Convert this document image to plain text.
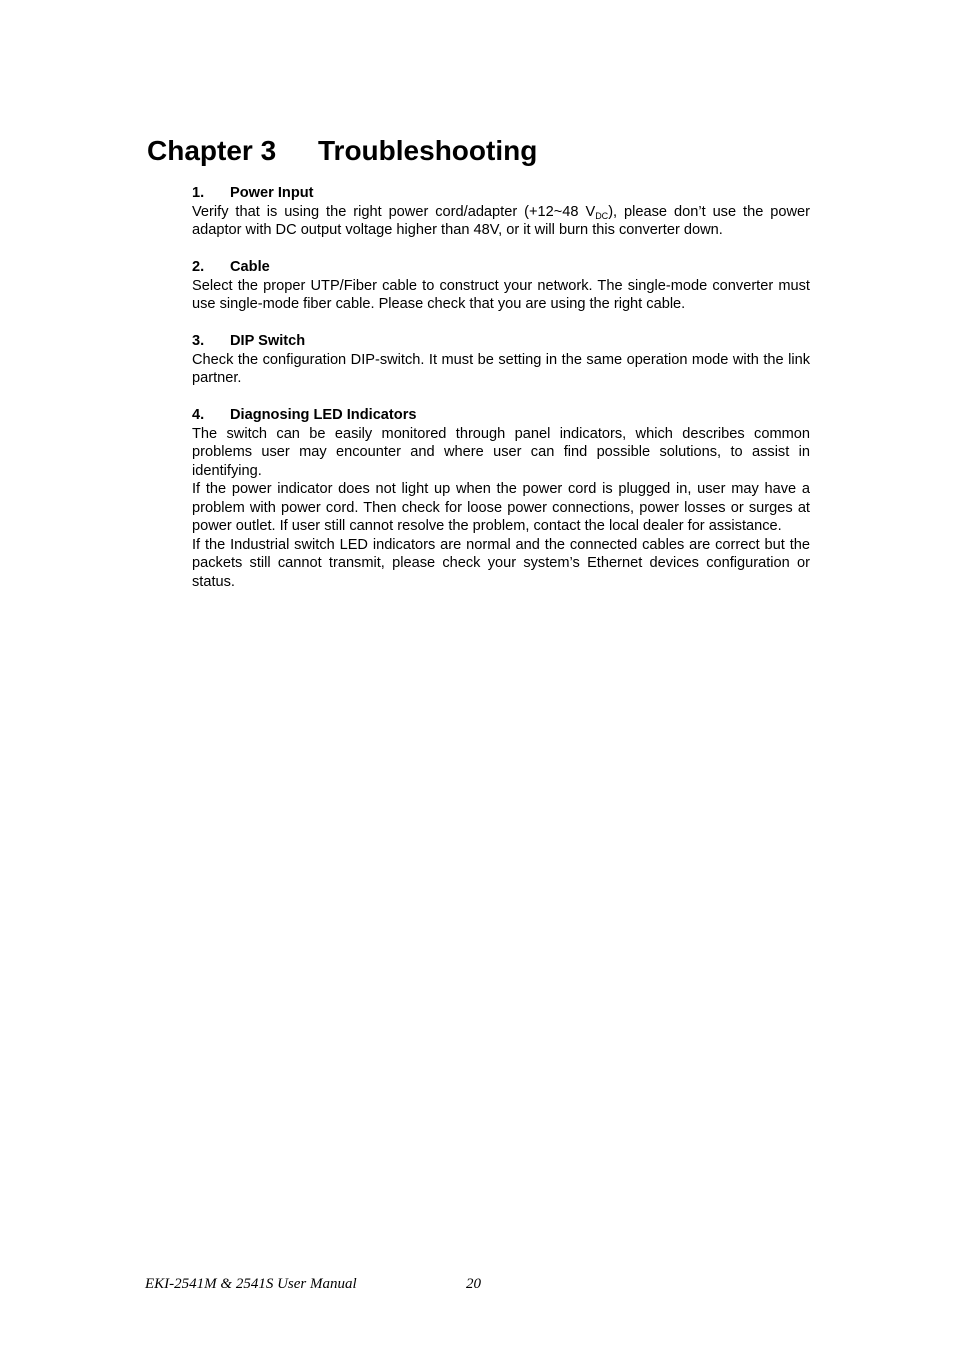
Chapter 3 Troubleshooting

1. Power Input

Verify that is using the right power cord/adapter (+12~48 $V_{DC}$), please don’t use the power adaptor with DC output voltage higher than 48V, or it will burn this converter down.

2. Cable

Select the proper UTP/Fiber cable to construct your network. The single-mode converter must use single-mode fiber cable. Please check that you are using the right cable.

3. DIP Switch

Check the configuration DIP-switch. It must be setting in the same operation mode with the link partner.

4. Diagnosing LED Indicators

The switch can be easily monitored through panel indicators, which describes common problems user may encounter and where user can find possible solutions, to assist in identifying.

If the power indicator does not light up when the power cord is plugged in, user may have a problem with power cord. Then check for loose power connections, power losses or surges at power outlet. If user still cannot resolve the problem, contact the local dealer for assistance.

If the Industrial switch LED indicators are normal and the connected cables are correct but the packets still cannot transmit, please check your system’s Ethernet devices configuration or status.

EKI-2541M & 2541S User Manual	20
